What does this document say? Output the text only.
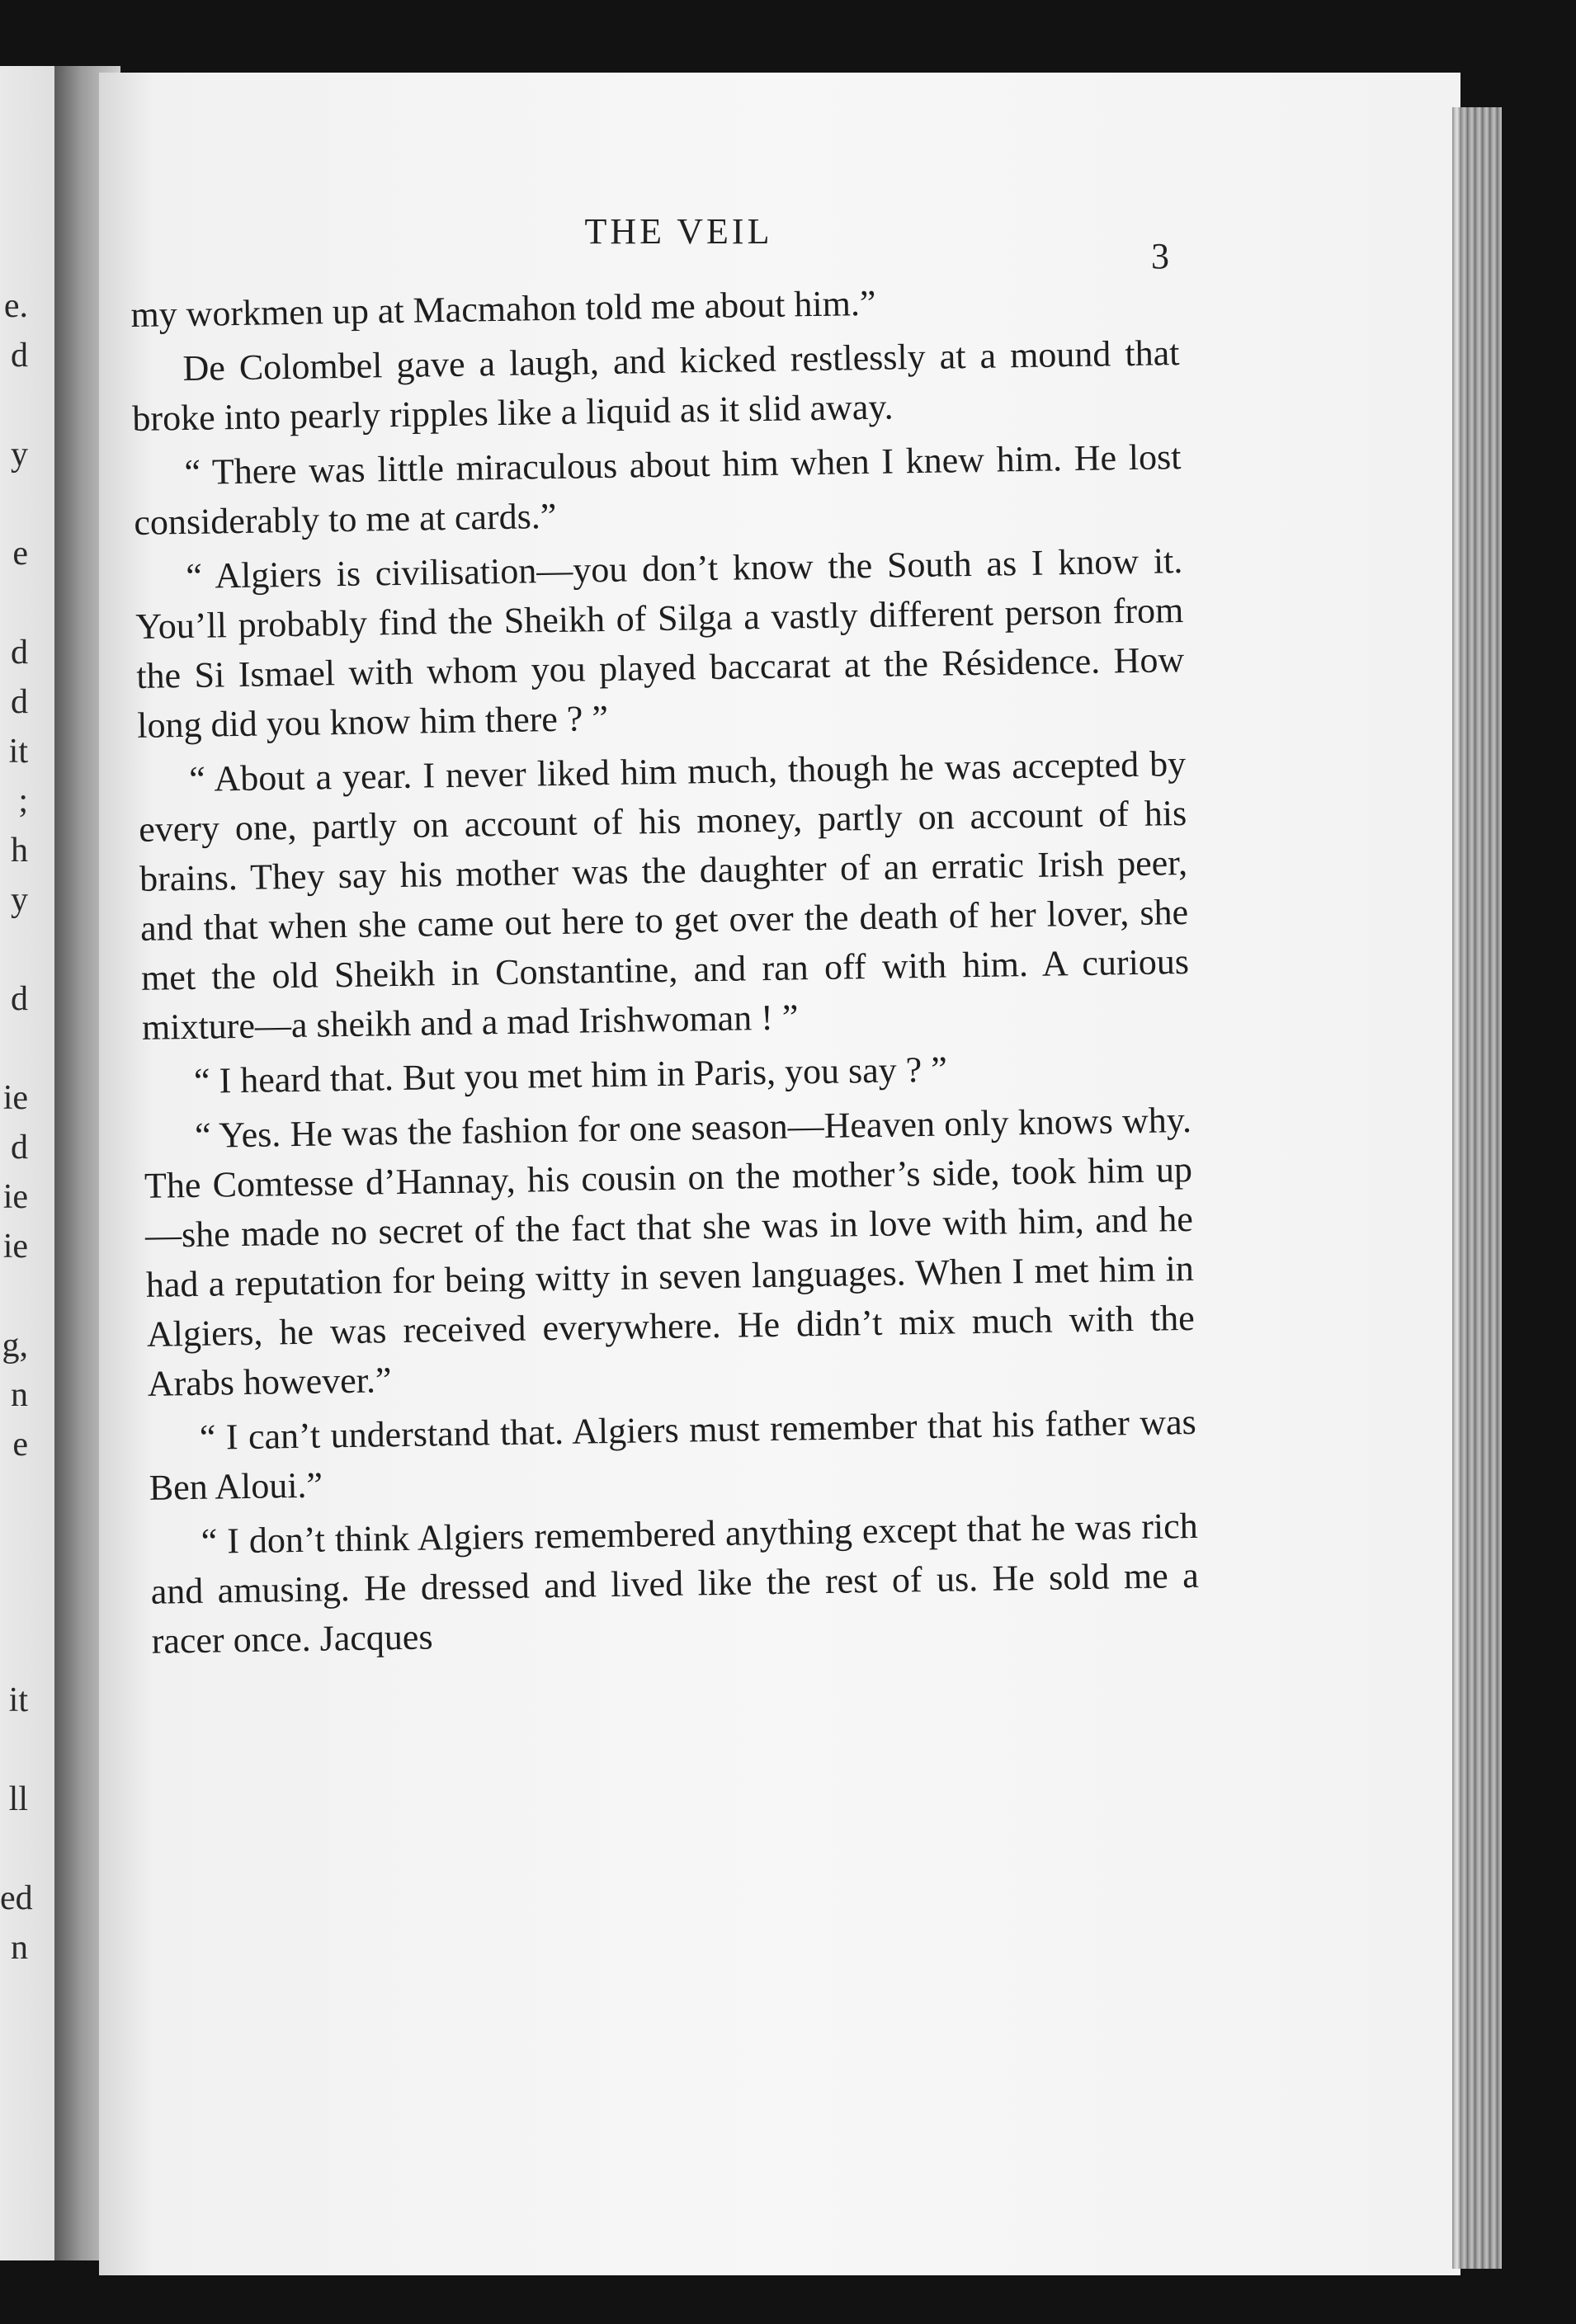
e.
d
y
e
d
d
it
;
h
y
d
ie
d
ie
ie
g,
n
e
it
ll
ed
n
THE VEIL
3

my workmen up at Macmahon told me about him.”

De Colombel gave a laugh, and kicked restlessly at a mound that broke into pearly ripples like a liquid as it slid away.

“ There was little miraculous about him when I knew him. He lost considerably to me at cards.”

“ Algiers is civilisation—you don’t know the South as I know it. You’ll probably find the Sheikh of Silga a vastly different person from the Si Ismael with whom you played baccarat at the Résidence. How long did you know him there ? ”

“ About a year. I never liked him much, though he was accepted by every one, partly on account of his money, partly on account of his brains. They say his mother was the daughter of an erratic Irish peer, and that when she came out here to get over the death of her lover, she met the old Sheikh in Constantine, and ran off with him. A curious mixture—a sheikh and a mad Irishwoman ! ”

“ I heard that. But you met him in Paris, you say ? ”

“ Yes. He was the fashion for one season—Heaven only knows why. The Comtesse d’Hannay, his cousin on the mother’s side, took him up—she made no secret of the fact that she was in love with him, and he had a reputation for being witty in seven languages. When I met him in Algiers, he was received everywhere. He didn’t mix much with the Arabs however.”

“ I can’t understand that. Algiers must remember that his father was Ben Aloui.”

“ I don’t think Algiers remembered anything except that he was rich and amusing. He dressed and lived like the rest of us. He sold me a racer once. Jacques
